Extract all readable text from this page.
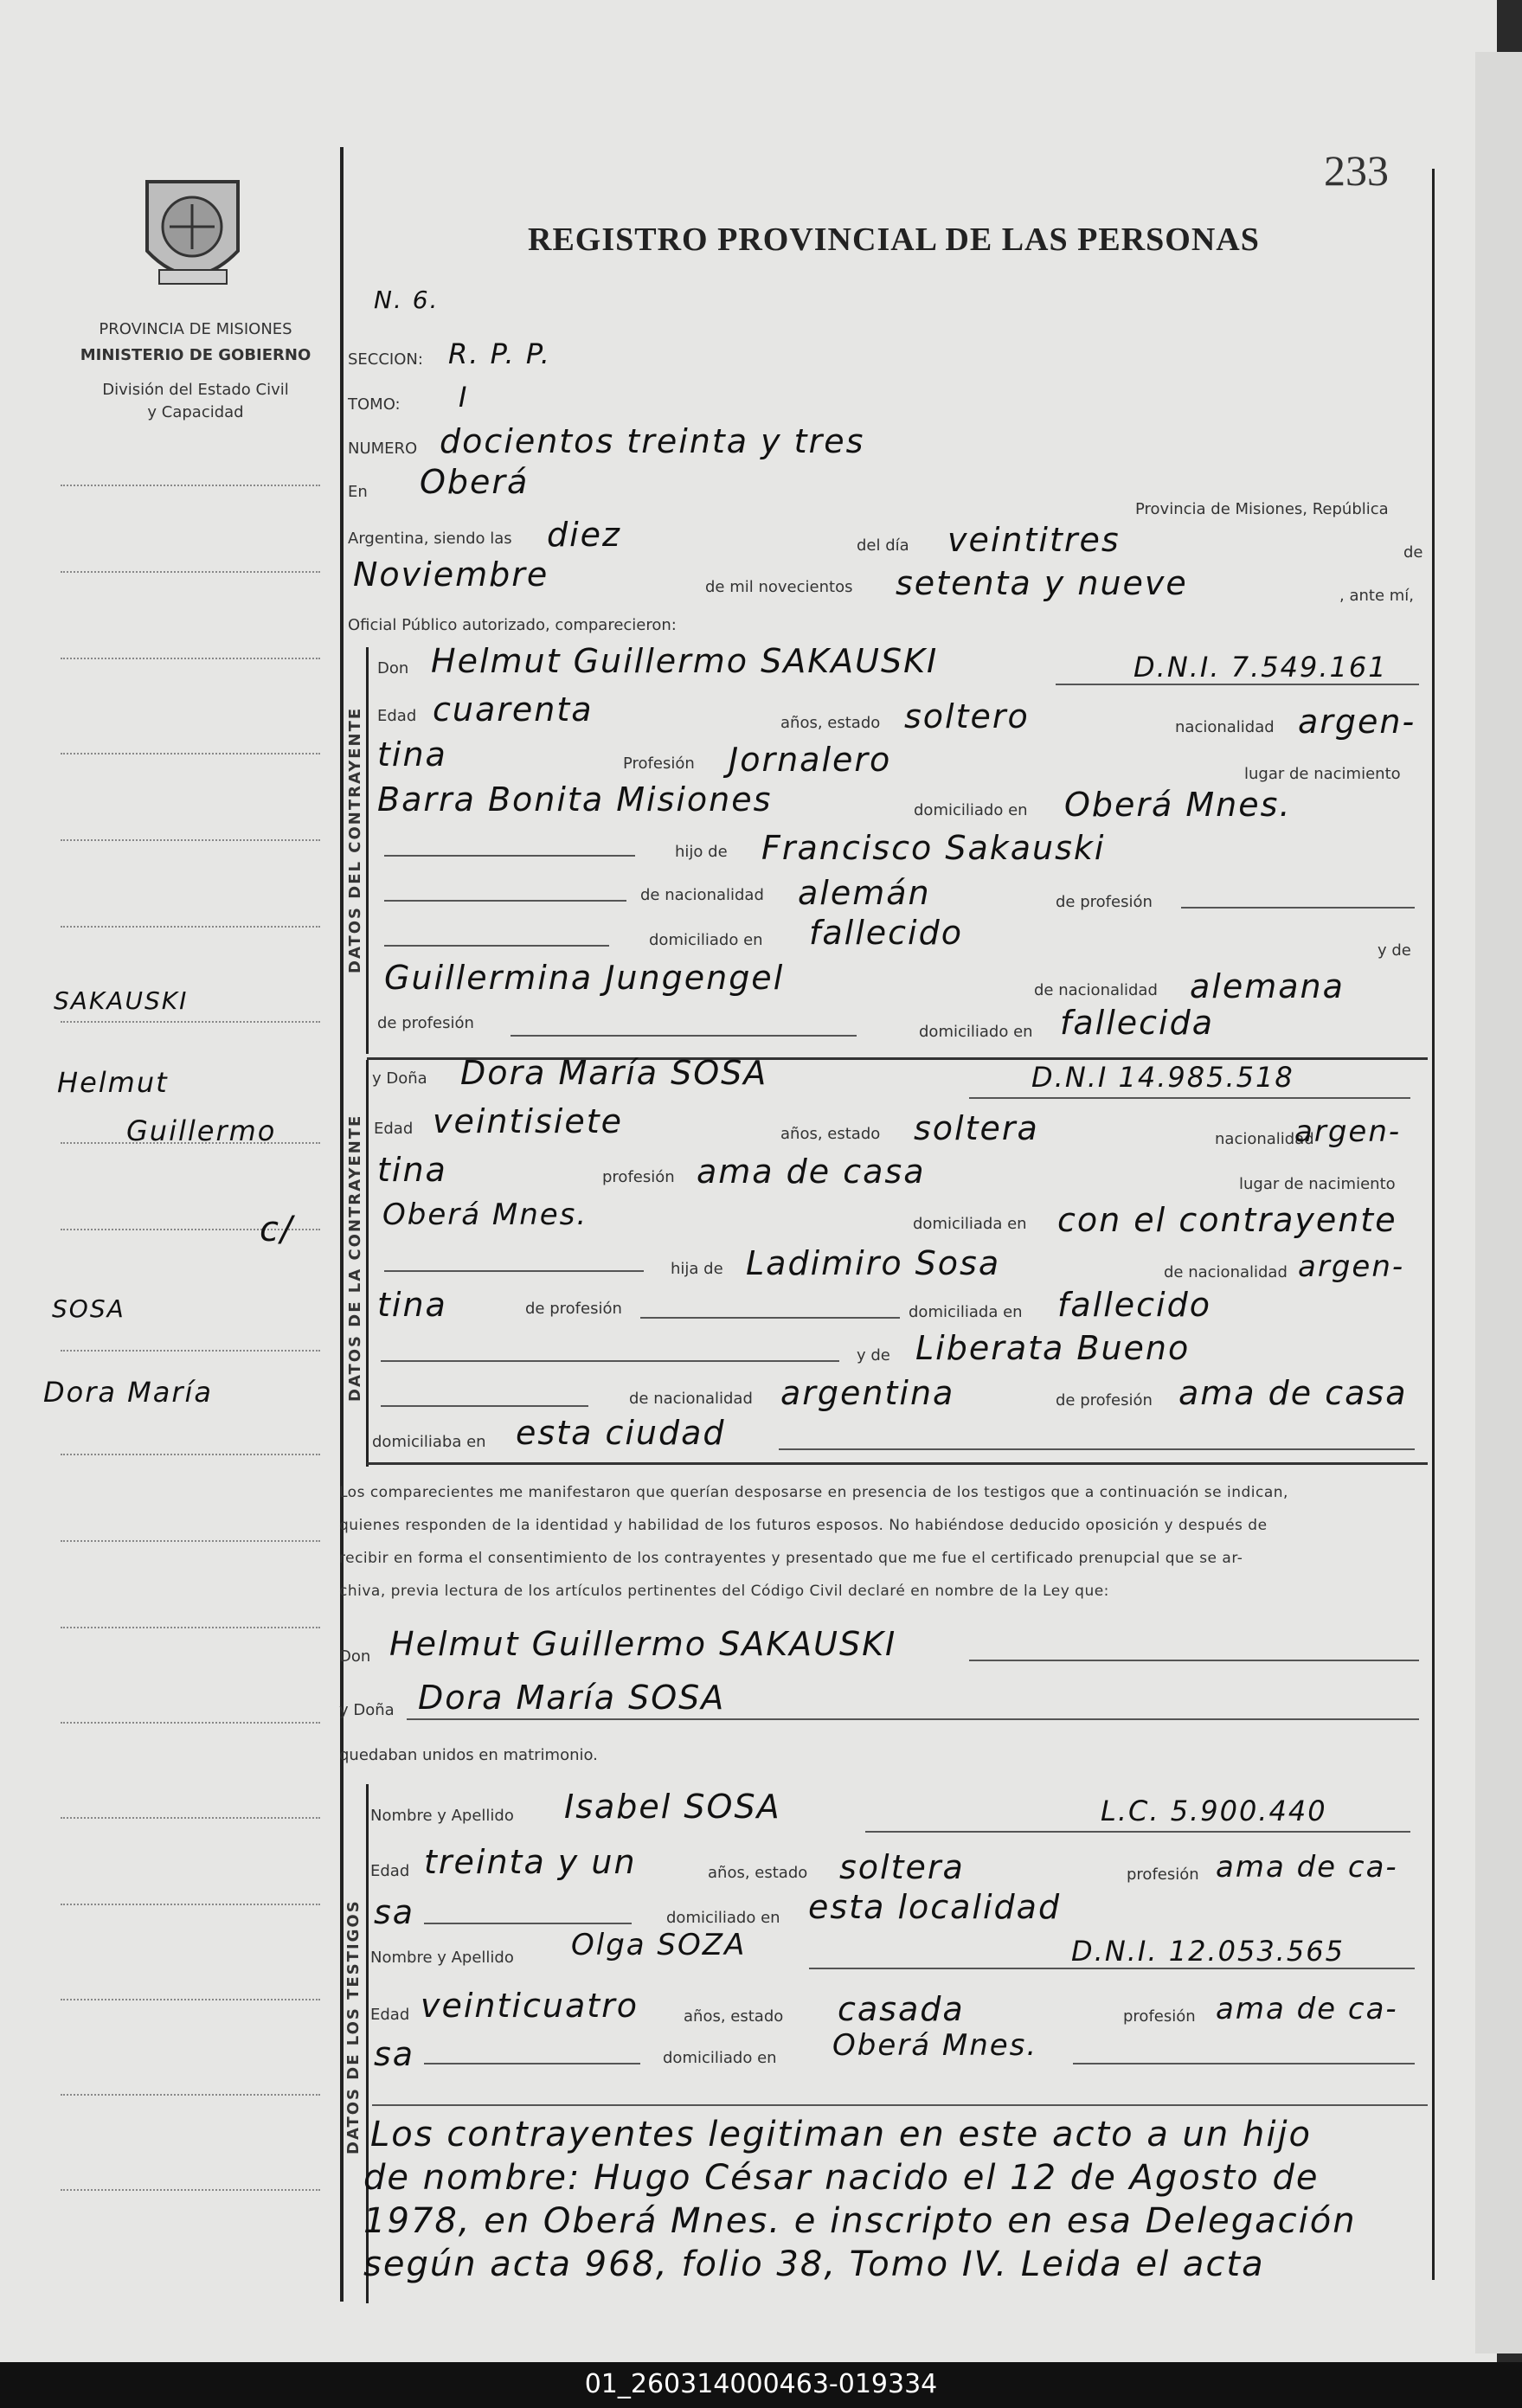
PROVINCIA DE MISIONES
MINISTERIO DE GOBIERNO
División del Estado Civil
y Capacidad
SAKAUSKI
Helmut
Guillermo
c/
SOSA
Dora María
233
REGISTRO PROVINCIAL DE LAS PERSONAS
N. 6.
SECCION: R. P. P.
TOMO: I
NUMERO docientos treinta y tres
En Oberá
Provincia de Misiones, República
Argentina, siendo las diez	del día veintitres	de
Noviembre	de mil novecientos setenta y nueve	, ante mí,
Oficial Público autorizado, comparecieron:
DATOS DEL CONTRAYENTE
Don Helmut Guillermo SAKAUSKI	D.N.I. 7.549.161
Edad cuarenta	años, estado soltero	nacionalidad argen-
tina	Profesión Jornalero	lugar de nacimiento
Barra Bonita Misiones	domiciliado en Oberá Mnes.
hijo de Francisco Sakauski
de nacionalidad alemán	de profesión
domiciliado en fallecido	y de
Guillermina Jungengel	de nacionalidad alemana
de profesión	domiciliado en fallecida
DATOS DE LA CONTRAYENTE
y Doña Dora María SOSA	D.N.I 14.985.518
Edad veintisiete	años, estado soltera	nacionalidad
argen-
tina	profesión ama de casa	lugar de nacimiento
Oberá Mnes.	domiciliada en con el contrayente
hija de Ladimiro Sosa	de nacionalidad argen-
tina	de profesión	domiciliada en fallecido
y de Liberata Bueno
de nacionalidad argentina	de profesión ama de casa
domiciliaba en esta ciudad
Los comparecientes me manifestaron que querían desposarse en presencia de los testigos que a continuación se indican,
quienes responden de la identidad y habilidad de los futuros esposos. No habiéndose deducido oposición y después de
recibir en forma el consentimiento de los contrayentes y presentado que me fue el certificado prenupcial que se ar-
chiva, previa lectura de los artículos pertinentes del Código Civil declaré en nombre de la Ley que:
Don Helmut Guillermo SAKAUSKI
y Doña Dora María SOSA
quedaban unidos en matrimonio.
DATOS DE LOS TESTIGOS
Nombre y Apellido Isabel SOSA	L.C. 5.900.440
Edad treinta y un	años, estado soltera	profesión ama de ca-
sa	domiciliado en esta localidad
Nombre y Apellido Olga SOZA	D.N.I. 12.053.565
Edad veinticuatro	años, estado casada	profesión ama de ca-
sa	domiciliado en Oberá Mnes.
Los contrayentes legitiman en este acto a un hijo
de nombre: Hugo César nacido el 12 de Agosto de
1978, en Oberá Mnes. e inscripto en esa Delegación
según acta 968, folio 38, Tomo IV. Leida el acta
01_260314000463-019334
